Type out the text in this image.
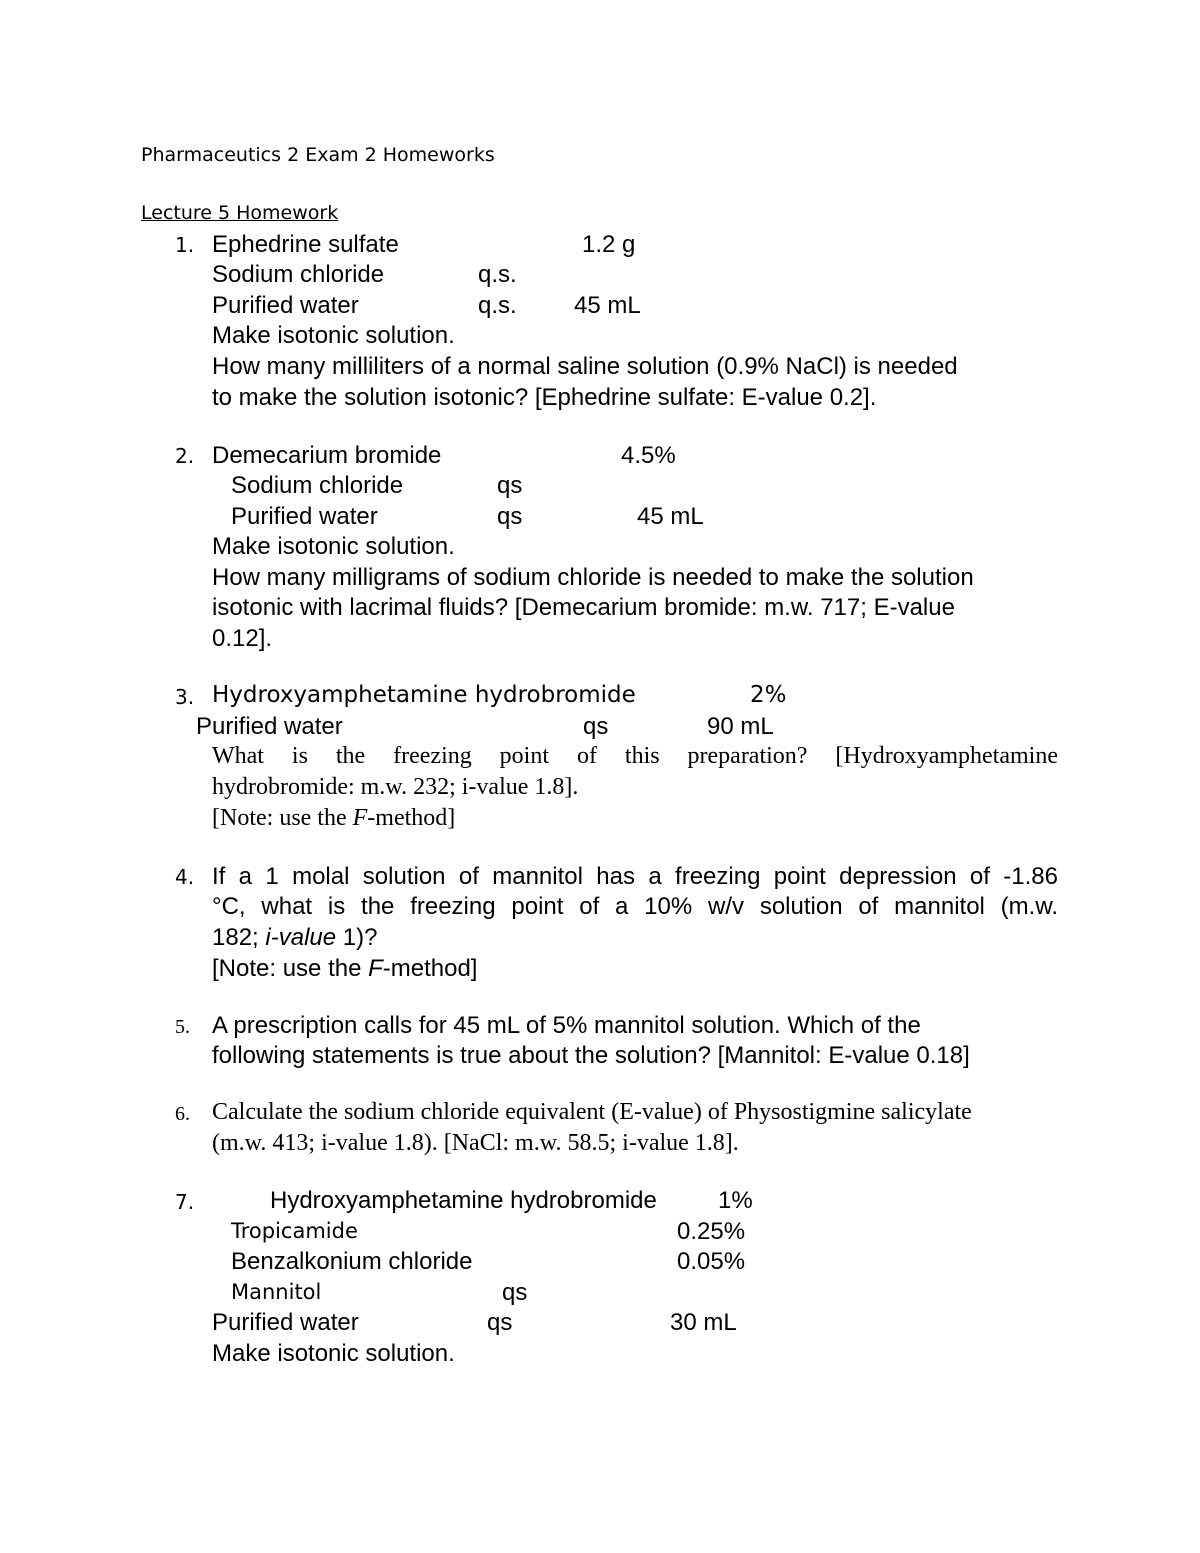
Pharmaceutics 2 Exam 2 Homeworks
Lecture 5 Homework
1. Ephedrine sulfate	1.2 g
Sodium chloride	q.s.
Purified water	q.s. 45 mL
Make isotonic solution.
How many milliliters of a normal saline solution (0.9% NaCl) is needed
to make the solution isotonic? [Ephedrine sulfate: E-value 0.2].
2. Demecarium bromide	4.5%
Sodium chloride	qs
Purified water	qs	45 mL
Make isotonic solution.
How many milligrams of sodium chloride is needed to make the solution
isotonic with lacrimal fluids? [Demecarium bromide: m.w. 717; E-value
0.12].
3. Hydroxyamphetamine hydrobromide	2%
Purified water	qs	90 mL
What is the freezing point of this preparation? [Hydroxyamphetamine
hydrobromide: m.w. 232; i-value 1.8].
[Note: use the F-method]
4. If a 1 molal solution of mannitol has a freezing point depression of -1.86
°C, what is the freezing point of a 10% w/v solution of mannitol (m.w.
182; i-value 1)?
[Note: use the F-method]
5. A prescription calls for 45 mL of 5% mannitol solution. Which of the
following statements is true about the solution? [Mannitol: E-value 0.18]
6. Calculate the sodium chloride equivalent (E-value) of Physostigmine salicylate
(m.w. 413; i-value 1.8). [NaCl: m.w. 58.5; i-value 1.8].
7.	Hydroxyamphetamine hydrobromide	1%
Tropicamide	0.25%
Benzalkonium chloride	0.05%
Mannitol	qs
Purified water	qs	30 mL
Make isotonic solution.
